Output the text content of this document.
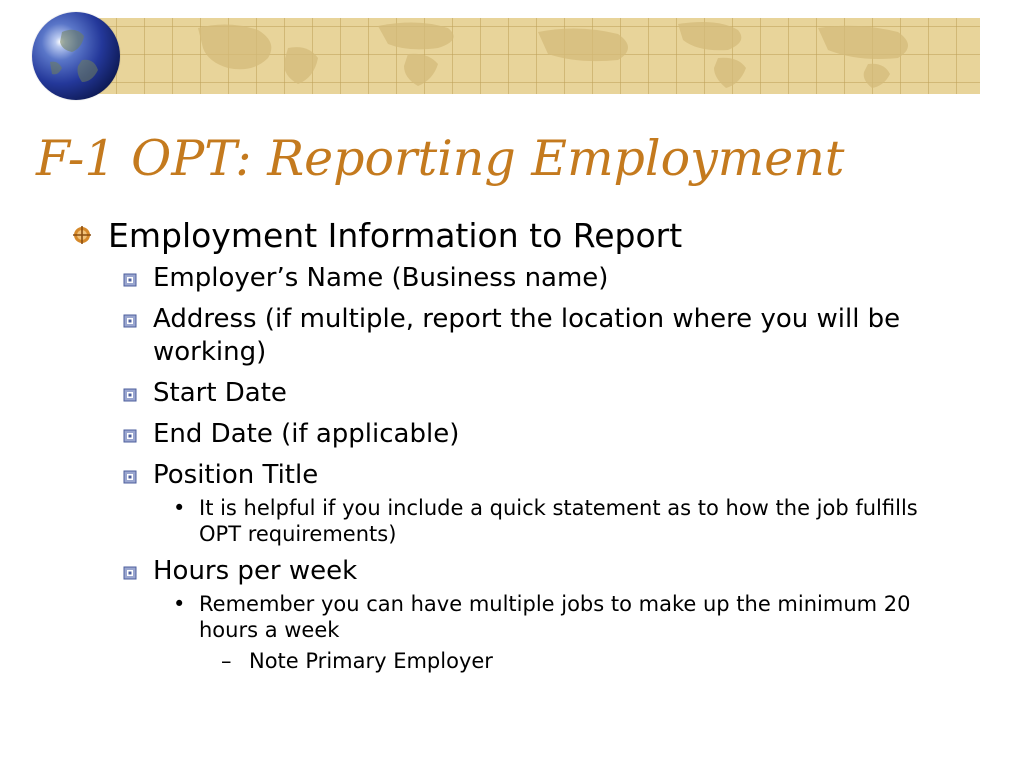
F-1 OPT: Reporting Employment
Employment Information to Report
Employer’s Name (Business name)
Address (if multiple, report the location where you will be working)
Start Date
End Date (if applicable)
Position Title
• It is helpful if you include a quick statement as to how the job fulfills OPT requirements)
Hours per week
• Remember you can have multiple jobs to make up the minimum 20 hours a week
– Note Primary Employer
